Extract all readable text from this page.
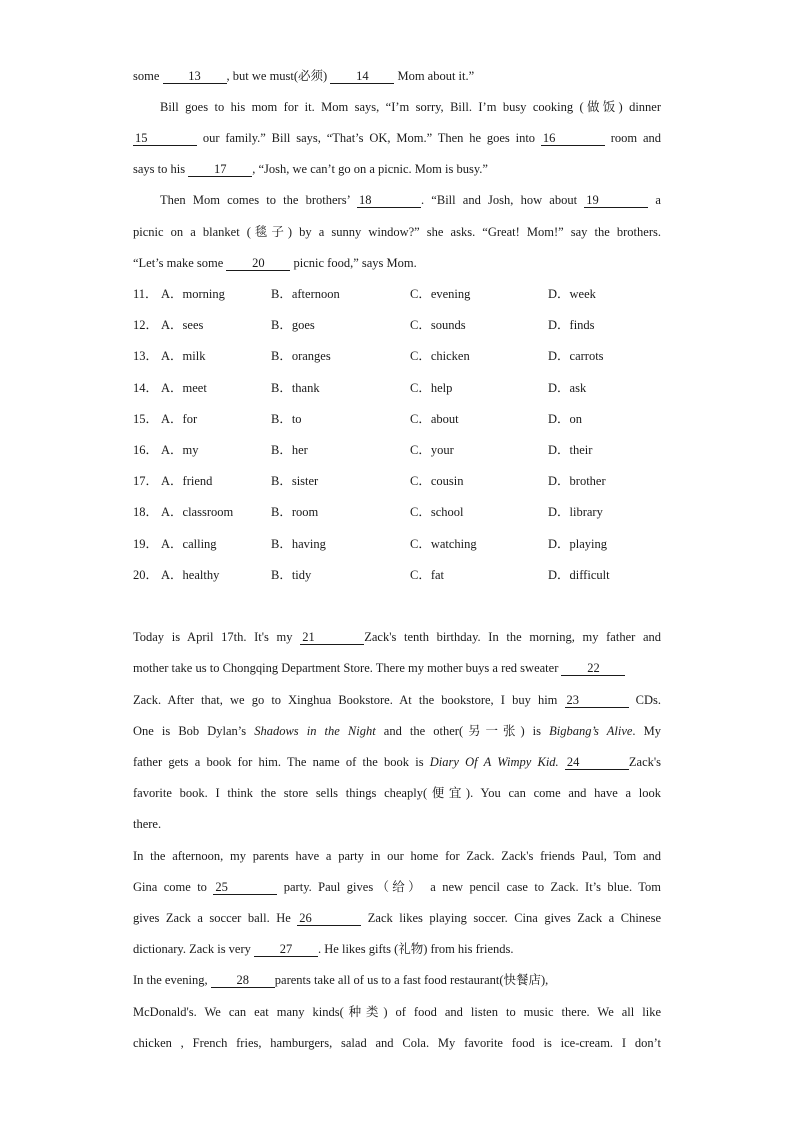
some 13 , but we must(必须) 14 Mom about it.”
Bill goes to his mom for it. Mom says, “I’m sorry, Bill. I’m busy cooking (做饭) dinner
15	our family.” Bill says, “That’s OK, Mom.” Then he goes into 16	room and
says to his 17 , “Josh, we can’t go on a picnic. Mom is busy.”
Then Mom comes to the brothers’ 18	. “Bill and Josh, how about 19	a
picnic on a blanket (毯子) by a sunny window?” she asks. “Great! Mom!” say the brothers.
“Let’s make some 20 picnic food,” says Mom.
11． A．morning	B．afternoon	C．evening	D．week
12． A．sees	B．goes	C．sounds	D．finds
13． A．milk	B．oranges	C．chicken	D．carrots
14． A．meet	B．thank	C．help	D．ask
15． A．for	B．to	C．about	D．on
16． A．my	B．her	C．your	D．their
17． A．friend	B．sister	C．cousin	D．brother
18． A．classroom	B．room	C．school	D．library
19． A．calling	B．having	C．watching	D．playing
20． A．healthy	B．tidy	C．fat	D．difficult
Today is April 17th. It's my 21	Zack's tenth birthday. In the morning, my father and
mother take us to Chongqing Department Store. There my mother buys a red sweater 22
Zack. After that, we go to Xinghua Bookstore. At the bookstore, I buy him 23	CDs.
One is Bob Dylan’s Shadows in the Night and the other(另一张) is Bigbang’s Alive. My
father gets a book for him. The name of the book is Diary Of A Wimpy Kid. 24	Zack's
favorite book. I think the store sells things cheaply(便宜). You can come and have a look
there.
In the afternoon, my parents have a party in our home for Zack. Zack's friends Paul, Tom and
Gina come to 25	party. Paul gives（给） a new pencil case to Zack. It’s blue. Tom
gives Zack a soccer ball. He 26	Zack likes playing soccer. Cina gives Zack a Chinese
dictionary. Zack is very 27 . He likes gifts (礼物) from his friends.
In the evening, 28 parents take all of us to a fast food restaurant(快餐店),
McDonald's. We can eat many kinds(种类) of food and listen to music there. We all like
chicken , French fries, hamburgers, salad and Cola. My favorite food is ice-cream. I don’t
